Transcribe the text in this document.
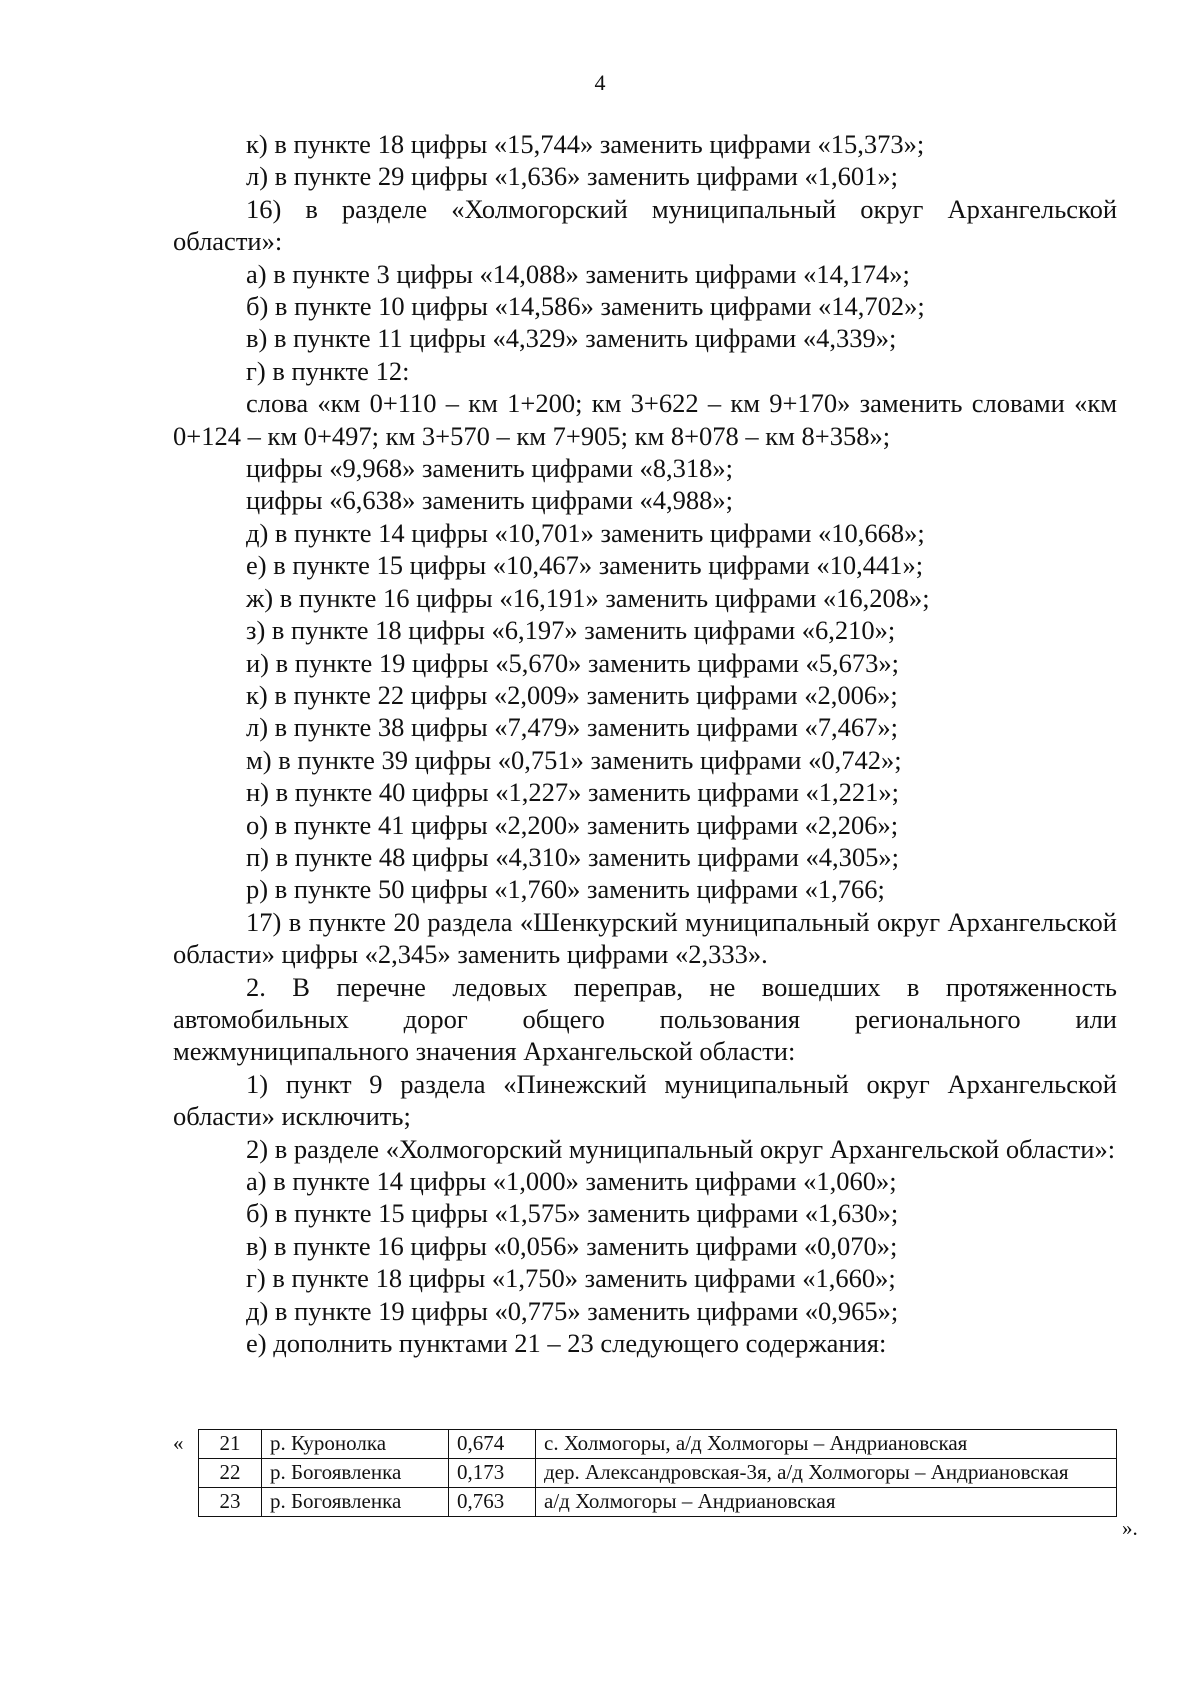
4

к) в пункте 18 цифры «15,744» заменить цифрами «15,373»;

л) в пункте 29 цифры «1,636» заменить цифрами «1,601»;

16) в разделе «Холмогорский муниципальный округ Архангельской области»:

а) в пункте 3 цифры «14,088» заменить цифрами «14,174»;

б) в пункте 10 цифры «14,586» заменить цифрами «14,702»;

в) в пункте 11 цифры «4,329» заменить цифрами «4,339»;

г) в пункте 12:

слова «км 0+110 – км 1+200; км 3+622 – км 9+170» заменить словами «км 0+124 – км 0+497; км 3+570 – км 7+905; км 8+078 – км 8+358»;

цифры «9,968» заменить цифрами «8,318»;

цифры «6,638» заменить цифрами «4,988»;

д) в пункте 14 цифры «10,701» заменить цифрами «10,668»;

е) в пункте 15 цифры «10,467» заменить цифрами «10,441»;

ж) в пункте 16 цифры «16,191» заменить цифрами «16,208»;

з) в пункте 18 цифры «6,197» заменить цифрами «6,210»;

и) в пункте 19 цифры «5,670» заменить цифрами «5,673»;

к) в пункте 22 цифры «2,009» заменить цифрами «2,006»;

л) в пункте 38 цифры «7,479» заменить цифрами «7,467»;

м) в пункте 39 цифры «0,751» заменить цифрами «0,742»;

н) в пункте 40 цифры «1,227» заменить цифрами «1,221»;

о) в пункте 41 цифры «2,200» заменить цифрами «2,206»;

п) в пункте 48 цифры «4,310» заменить цифрами «4,305»;

р) в пункте 50 цифры «1,760» заменить цифрами «1,766;

17) в пункте 20 раздела «Шенкурский муниципальный округ Архангельской области» цифры «2,345» заменить цифрами «2,333».

2. В перечне ледовых переправ, не вошедших в протяженность автомобильных дорог общего пользования регионального или межмуниципального значения Архангельской области:

1) пункт 9 раздела «Пинежский муниципальный округ Архангельской области» исключить;

2) в разделе «Холмогорский муниципальный округ Архангельской области»:

а) в пункте 14 цифры «1,000» заменить цифрами «1,060»;

б) в пункте 15 цифры «1,575» заменить цифрами «1,630»;

в) в пункте 16 цифры «0,056» заменить цифрами «0,070»;

г) в пункте 18 цифры «1,750» заменить цифрами «1,660»;

д) в пункте 19 цифры «0,775» заменить цифрами «0,965»;

е) дополнить пунктами 21 – 23 следующего содержания:

« 21	р. Куронолка	0,674	с. Холмогоры, а/д Холмогоры – Андриановская
22	р. Богоявленка	0,173	дер. Александровская-3я, а/д Холмогоры – Андриановская
23	р. Богоявленка	0,763	а/д Холмогоры – Андриановская
».
